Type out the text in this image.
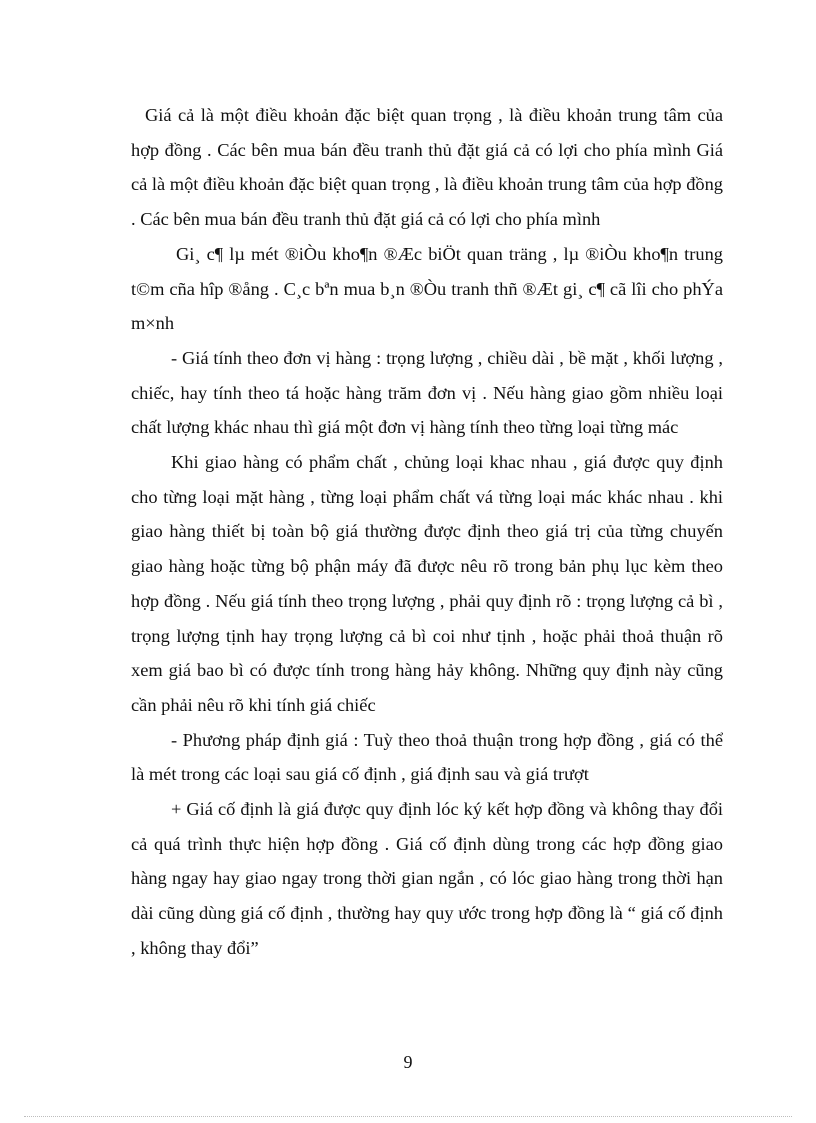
Giá cả là một điều khoản đặc biệt quan trọng , là điều khoản trung tâm của hợp đồng . Các bên mua bán đều tranh thủ đặt giá cả có lợi cho phía mình Giá cả là một điều khoản đặc biệt quan trọng , là điều khoản trung tâm của hợp đồng . Các bên mua bán đều tranh thủ đặt giá cả có lợi cho phía mình

Gi¸ c¶ lµ mét ®iÒu kho¶n ®Æc biÖt quan träng , lµ ®iÒu kho¶n trung t©m cña hîp ®ång . C¸c bªn mua b¸n ®Òu tranh thñ ®Æt gi¸ c¶ cã lîi cho phÝa m×nh

- Giá tính theo đơn vị hàng : trọng lượng , chiều dài , bề mặt , khối lượng , chiếc, hay tính theo tá hoặc hàng trăm đơn vị . Nếu hàng giao gồm nhiều loại chất lượng khác nhau thì giá một đơn vị hàng tính theo từng loại từng mác

Khi giao hàng có phẩm chất , chủng loại khac nhau , giá được quy định cho từng loại mặt hàng , từng loại phẩm chất vá từng loại mác khác nhau . khi giao hàng thiết bị toàn bộ giá thường được định theo giá trị của từng chuyến giao hàng hoặc từng bộ phận máy đã được nêu rõ trong bản phụ lục kèm theo hợp đồng . Nếu giá tính theo trọng lượng , phải quy định rõ : trọng lượng cả bì , trọng lượng tịnh hay trọng lượng cả bì coi như tịnh , hoặc phải thoả thuận rõ xem giá bao bì có được tính trong hàng hảy không. Những quy định này cũng cần phải nêu rõ khi tính giá chiếc

- Phương pháp định giá : Tuỳ theo thoả thuận trong hợp đồng , giá có thể là mét trong các loại sau giá cố định , giá định sau và giá trượt

+ Giá cố định là giá được quy định lóc ký kết hợp đồng và không thay đổi cả quá trình thực hiện hợp đồng . Giá cố định dùng trong các hợp đồng giao hàng ngay hay giao ngay trong thời gian ngắn , có lóc giao hàng trong thời hạn dài cũng dùng giá cố định , thường hay quy ước trong hợp đồng là “ giá cố định , không thay đổi”

9
